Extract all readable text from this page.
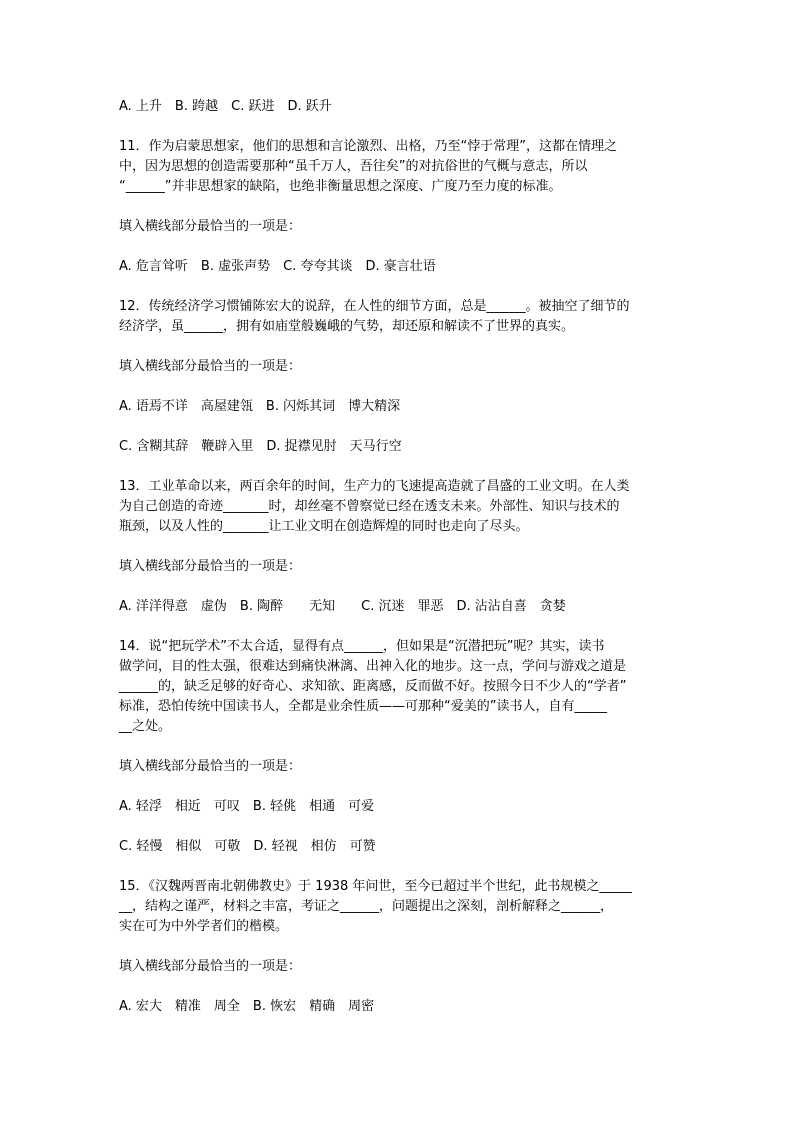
A. 上升　B. 跨越　C. 跃进　D. 跃升

11．作为启蒙思想家，他们的思想和言论激烈、出格，乃至“悖于常理”，这都在情理之

中，因为思想的创造需要那种“虽千万人，吾往矣”的对抗俗世的气概与意志，所以

“______”并非思想家的缺陷，也绝非衡量思想之深度、广度乃至力度的标准。

填入横线部分最恰当的一项是：

A. 危言耸听　B. 虚张声势　C. 夸夸其谈　D. 豪言壮语

12．传统经济学习惯铺陈宏大的说辞，在人性的细节方面，总是______。被抽空了细节的

经济学，虽______，拥有如庙堂般巍峨的气势，却还原和解读不了世界的真实。

填入横线部分最恰当的一项是：

A. 语焉不详　高屋建瓴　B. 闪烁其词　博大精深

C. 含糊其辞　鞭辟入里　D. 捉襟见肘　天马行空

13．工业革命以来，两百余年的时间，生产力的飞速提高造就了昌盛的工业文明。在人类

为自己创造的奇迹_______时，却丝毫不曾察觉已经在透支未来。外部性、知识与技术的

瓶颈，以及人性的_______让工业文明在创造辉煌的同时也走向了尽头。

填入横线部分最恰当的一项是：

A. 洋洋得意　虚伪　B. 陶醉　　无知　　C. 沉迷　罪恶　D. 沾沾自喜　贪婪

14．说“把玩学术”不太合适，显得有点______，但如果是“沉潜把玩”呢？其实，读书

做学问，目的性太强，很难达到痛快淋漓、出神入化的地步。这一点，学问与游戏之道是

______的，缺乏足够的好奇心、求知欲、距离感，反而做不好。按照今日不少人的“学者”

标准，恐怕传统中国读书人，全都是业余性质——可那种“爱美的”读书人，自有_____

__之处。

填入横线部分最恰当的一项是：

A. 轻浮　相近　可叹　B. 轻佻　相通　可爱

C. 轻慢　相似　可敬　D. 轻视　相仿　可赞

15．《汉魏两晋南北朝佛教史》于 1938 年问世，至今已超过半个世纪，此书规模之_____

__，结构之谨严，材料之丰富，考证之______，问题提出之深刻，剖析解释之______，

实在可为中外学者们的楷模。

填入横线部分最恰当的一项是：

A. 宏大　精准　周全　B. 恢宏　精确　周密
